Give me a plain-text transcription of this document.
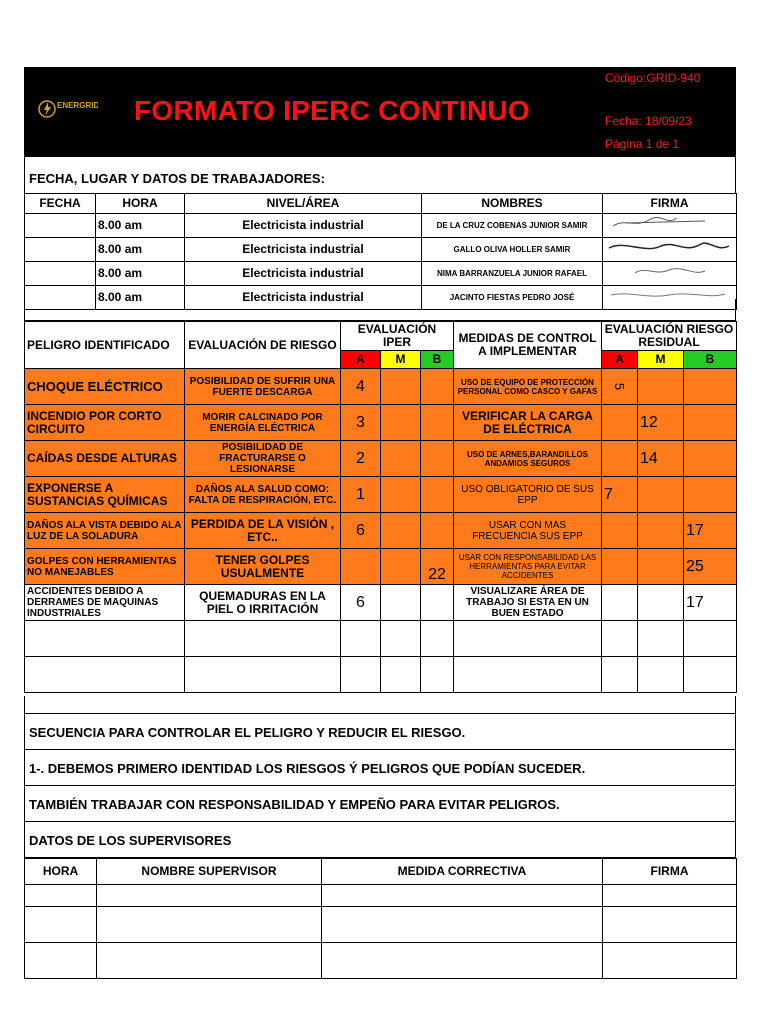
ENERGRID FORMATO IPERC CONTINUO
Código:GRID-940
Fecha: 18/09/23
Página 1 de 1
FECHA, LUGAR Y DATOS DE TRABAJADORES:
FECHA	HORA	NIVEL/ÁREA	NOMBRES	FIRMA
	8.00 am	Electricista industrial	DE LA CRUZ COBENAS JUNIOR SAMIR	
	8.00 am	Electricista industrial	GALLO OLIVA HOLLER SAMIR	
	8.00 am	Electricista industrial	NIMA BARRANZUELA JUNIOR RAFAEL	
	8.00 am	Electricista industrial	JACINTO FIESTAS PEDRO JOSÉ	
PELIGRO IDENTIFICADO	EVALUACIÓN DE RIESGO	EVALUACIÓN IPER			MEDIDAS DE CONTROL A IMPLEMENTAR	EVALUACIÓN RIESGO RESIDUAL		
		A	M	B		A	M	B
CHOQUE ELÉCTRICO	POSIBILIDAD DE SUFRIR UNA FUERTE DESCARGA	4			USO DE EQUIPO DE PROTECCIÓN PERSONAL COMO CASCO Y GAFAS	5		
INCENDIO POR CORTO CIRCUITO	MORIR CALCINADO POR ENERGÍA ELÉCTRICA	3			VERIFICAR LA CARGA DE ELÉCTRICA		12	
CAÍDAS DESDE ALTURAS	POSIBILIDAD DE FRACTURARSE O LESIONARSE	2			USO DE ARNES,BARANDILLOS ANDAMIOS SEGUROS		14	
EXPONERSE A SUSTANCIAS QUÍMICAS	DAÑOS ALA SALUD COMO: FALTA DE RESPIRACIÓN, ETC.	1			USO OBLIGATORIO DE SUS EPP	7		
DAÑOS ALA VISTA DEBIDO ALA LUZ DE LA SOLADURA	PERDIDA DE LA VISIÓN , ETC..	6			USAR CON MAS FRECUENCIA SUS EPP			17
GOLPES CON HERRAMIENTAS NO MANEJABLES	TENER GOLPES USUALMENTE			22	USAR CON RESPONSABILIDAD LAS HERRAMIENTAS PARA EVITAR ACCIDENTES			25
ACCIDENTES DEBIDO A DERRAMES DE MAQUINAS INDUSTRIALES	QUEMADURAS EN LA PIEL O IRRITACIÓN	6			VISUALIZARE ÁREA DE TRABAJO SI ESTA EN UN BUEN ESTADO			17

SECUENCIA PARA CONTROLAR EL PELIGRO Y REDUCIR EL RIESGO.
1-. DEBEMOS PRIMERO IDENTIDAD LOS RIESGOS Ý PELIGROS QUE PODÍAN SUCEDER.
TAMBIÉN TRABAJAR CON RESPONSABILIDAD Y EMPEÑO PARA EVITAR PELIGROS.
DATOS DE LOS SUPERVISORES
HORA	NOMBRE SUPERVISOR	MEDIDA CORRECTIVA	FIRMA
